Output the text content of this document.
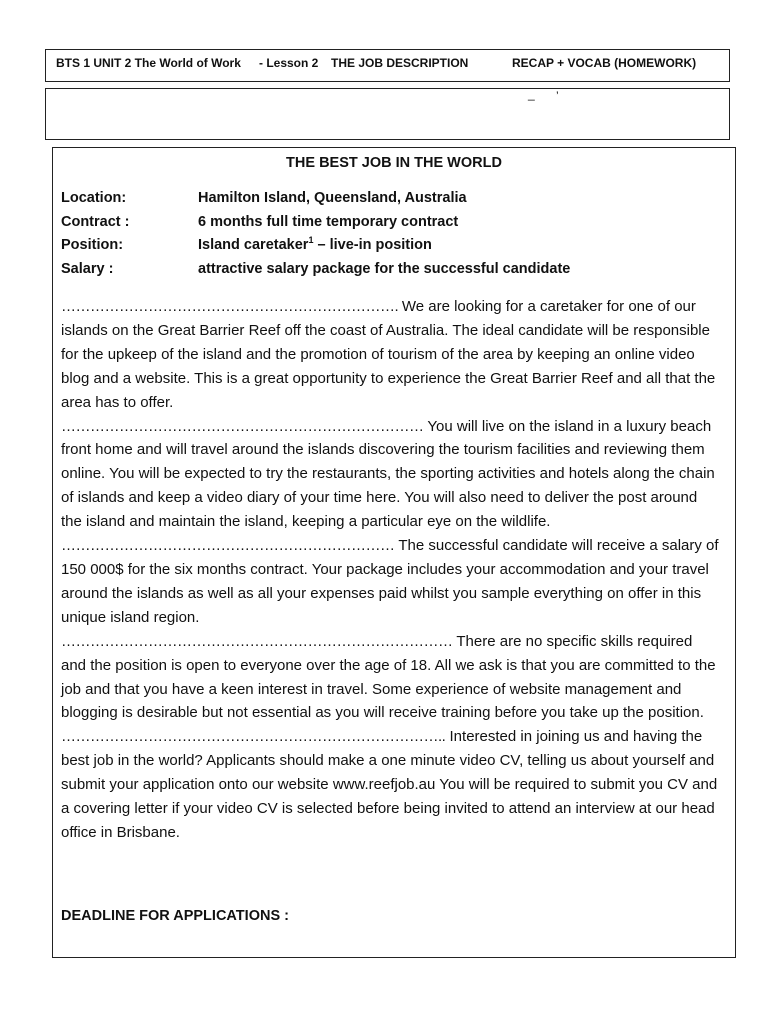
BTS 1 UNIT 2 The World of Work - Lesson 2 THE JOB DESCRIPTION	RECAP + VOCAB (HOMEWORK)
_ ’
THE BEST JOB IN THE WORLD
Location:	Hamilton Island, Queensland, Australia
Contract :	6 months full time temporary contract
Position:	Island caretaker$^1$ – live-in position
Salary :	attractive salary package for the successful candidate

……………………………………………………………. We are looking for a caretaker for one of our islands on the Great Barrier Reef off the coast of Australia. The ideal candidate will be responsible for the upkeep of the island and the promotion of tourism of the area by keeping an online video blog and a website. This is a great opportunity to experience the Great Barrier Reef and all that the area has to offer.

………………………………………………………………… You will live on the island in a luxury beach front home and will travel around the islands discovering the tourism facilities and reviewing them online. You will be expected to try the restaurants, the sporting activities and hotels along the chain of islands and keep a video diary of your time here. You will also need to deliver the post around the island and maintain the island, keeping a particular eye on the wildlife.

…………………………………………………………… The successful candidate will receive a salary of 150 000$ for the six months contract. Your package includes your accommodation and your travel around the islands as well as all your expenses paid whilst you sample everything on offer in this unique island region.

……………………………………………………………………… There are no specific skills required and the position is open to everyone over the age of 18. All we ask is that you are committed to the job and that you have a keen interest in travel. Some experience of website management and blogging is desirable but not essential as you will receive training before you take up the position.

…………………………………………………………………….. Interested in joining us and having the best job in the world? Applicants should make a one minute video CV, telling us about yourself and submit your application onto our website www.reefjob.au You will be required to submit you CV and a covering letter if your video CV is selected before being invited to attend an interview at our head office in Brisbane.

DEADLINE FOR APPLICATIONS :
